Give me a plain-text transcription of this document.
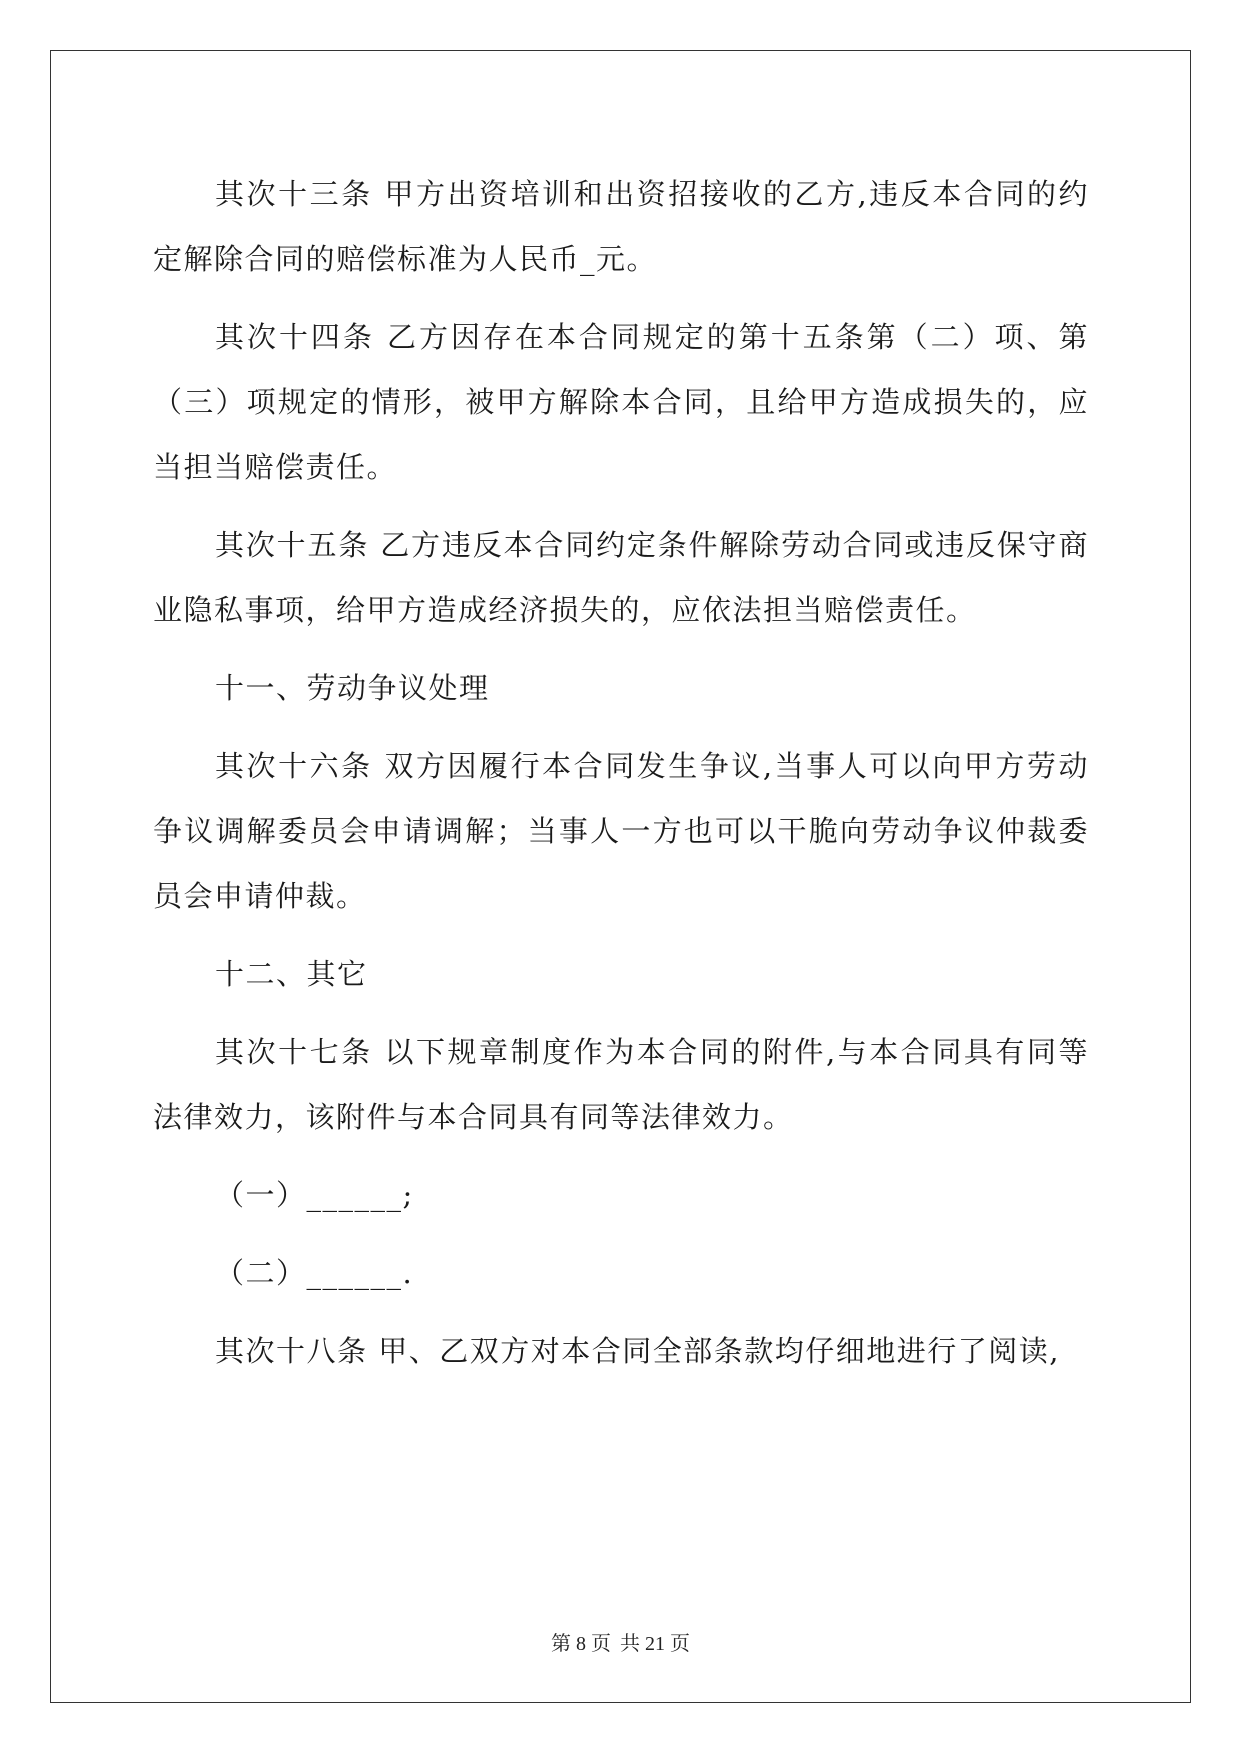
其次十三条 甲方出资培训和出资招接收的乙方,违反本合同的约定解除合同的赔偿标准为人民币_元。

其次十四条 乙方因存在本合同规定的第十五条第（二）项、第（三）项规定的情形，被甲方解除本合同，且给甲方造成损失的，应当担当赔偿责任。

其次十五条 乙方违反本合同约定条件解除劳动合同或违反保守商业隐私事项，给甲方造成经济损失的，应依法担当赔偿责任。

十一、劳动争议处理

其次十六条 双方因履行本合同发生争议,当事人可以向甲方劳动争议调解委员会申请调解；当事人一方也可以干脆向劳动争议仲裁委员会申请仲裁。

十二、其它

其次十七条 以下规章制度作为本合同的附件,与本合同具有同等法律效力，该附件与本合同具有同等法律效力。

（一）______;

（二）______.

其次十八条 甲、乙双方对本合同全部条款均仔细地进行了阅读,

第 8 页 共 21 页
